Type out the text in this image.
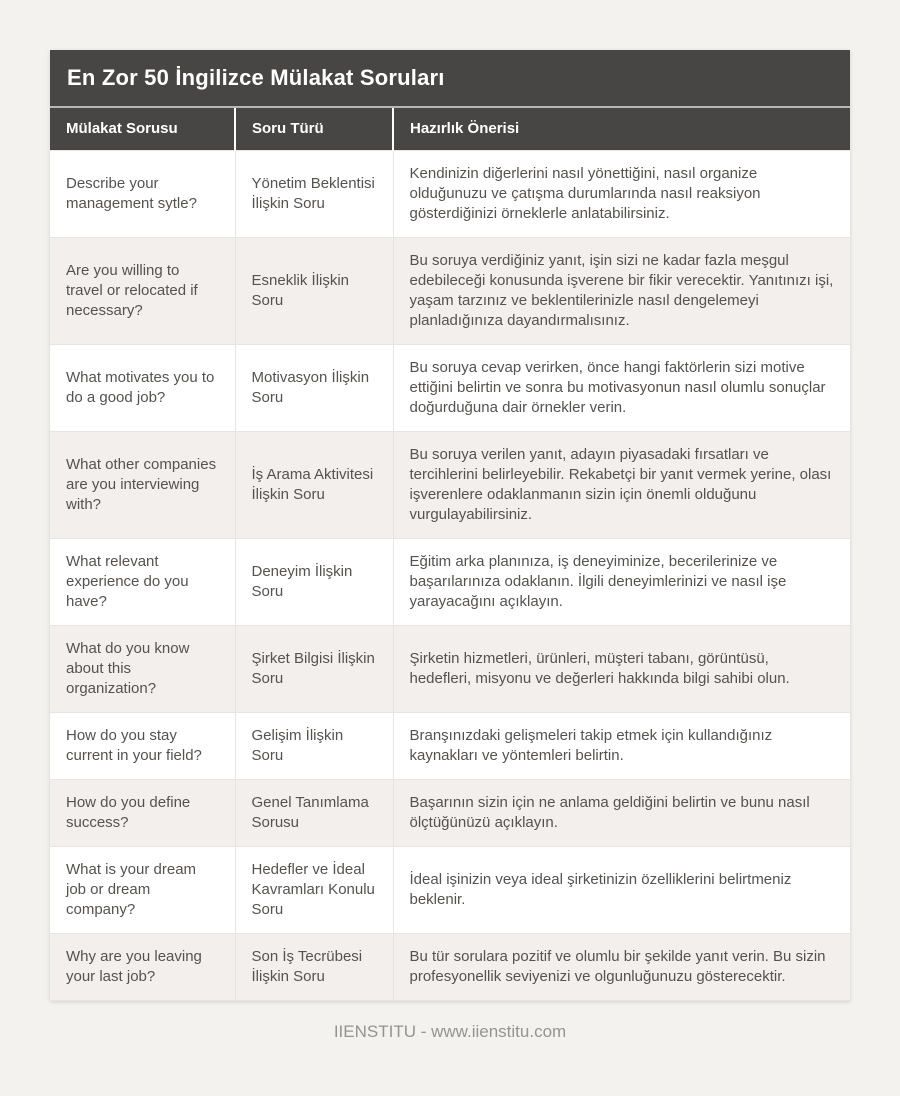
En Zor 50 İngilizce Mülakat Soruları
Mülakat Sorusu	Soru Türü	Hazırlık Önerisi
Describe your management sytle?	Yönetim Beklentisi İlişkin Soru	Kendinizin diğerlerini nasıl yönettiğini, nasıl organize olduğunuzu ve çatışma durumlarında nasıl reaksiyon gösterdiğinizi örneklerle anlatabilirsiniz.
Are you willing to travel or relocated if necessary?	Esneklik İlişkin Soru	Bu soruya verdiğiniz yanıt, işin sizi ne kadar fazla meşgul edebileceği konusunda işverene bir fikir verecektir. Yanıtınızı işi, yaşam tarzınız ve beklentilerinizle nasıl dengelemeyi planladığınıza dayandırmalısınız.
What motivates you to do a good job?	Motivasyon İlişkin Soru	Bu soruya cevap verirken, önce hangi faktörlerin sizi motive ettiğini belirtin ve sonra bu motivasyonun nasıl olumlu sonuçlar doğurduğuna dair örnekler verin.
What other companies are you interviewing with?	İş Arama Aktivitesi İlişkin Soru	Bu soruya verilen yanıt, adayın piyasadaki fırsatları ve tercihlerini belirleyebilir. Rekabetçi bir yanıt vermek yerine, olası işverenlere odaklanmanın sizin için önemli olduğunu vurgulayabilirsiniz.
What relevant experience do you have?	Deneyim İlişkin Soru	Eğitim arka planınıza, iş deneyiminize, becerilerinize ve başarılarınıza odaklanın. İlgili deneyimlerinizi ve nasıl işe yarayacağını açıklayın.
What do you know about this organization?	Şirket Bilgisi İlişkin Soru	Şirketin hizmetleri, ürünleri, müşteri tabanı, görüntüsü, hedefleri, misyonu ve değerleri hakkında bilgi sahibi olun.
How do you stay current in your field?	Gelişim İlişkin Soru	Branşınızdaki gelişmeleri takip etmek için kullandığınız kaynakları ve yöntemleri belirtin.
How do you define success?	Genel Tanımlama Sorusu	Başarının sizin için ne anlama geldiğini belirtin ve bunu nasıl ölçtüğünüzü açıklayın.
What is your dream job or dream company?	Hedefler ve İdeal Kavramları Konulu Soru	İdeal işinizin veya ideal şirketinizin özelliklerini belirtmeniz beklenir.
Why are you leaving your last job?	Son İş Tecrübesi İlişkin Soru	Bu tür sorulara pozitif ve olumlu bir şekilde yanıt verin. Bu sizin profesyonellik seviyenizi ve olgunluğunuzu gösterecektir.
IIENSTITU - www.iienstitu.com
